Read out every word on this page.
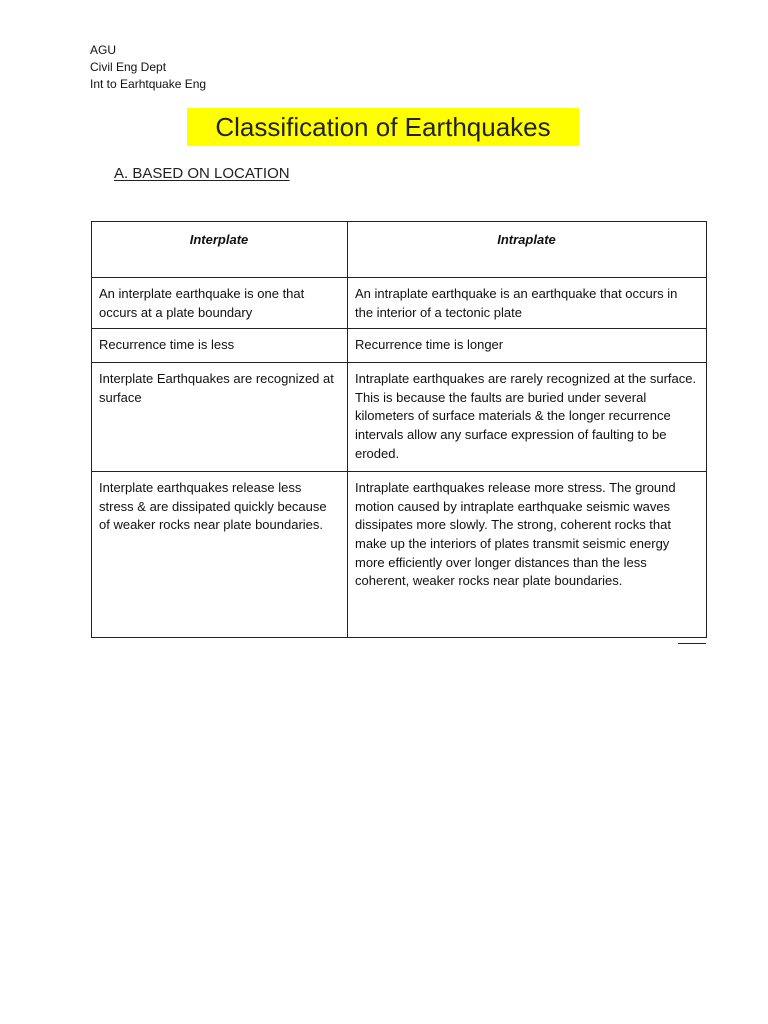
AGU
Civil Eng Dept
Int to Earhtquake Eng
Classification of Earthquakes
A. BASED ON LOCATION
Interplate	Intraplate
An interplate earthquake is one that occurs at a plate boundary	An intraplate earthquake is an earthquake that occurs in the interior of a tectonic plate
Recurrence time is less	Recurrence time is longer
Interplate Earthquakes are recognized at surface	Intraplate earthquakes are rarely recognized at the surface. This is because the faults are buried under several kilometers of surface materials & the longer recurrence intervals allow any surface expression of faulting to be eroded.
Interplate earthquakes release less stress & are dissipated quickly because of weaker rocks near plate boundaries.	Intraplate earthquakes release more stress. The ground motion caused by intraplate earthquake seismic waves dissipates more slowly. The strong, coherent rocks that make up the interiors of plates transmit seismic energy more efficiently over longer distances than the less coherent, weaker rocks near plate boundaries.
